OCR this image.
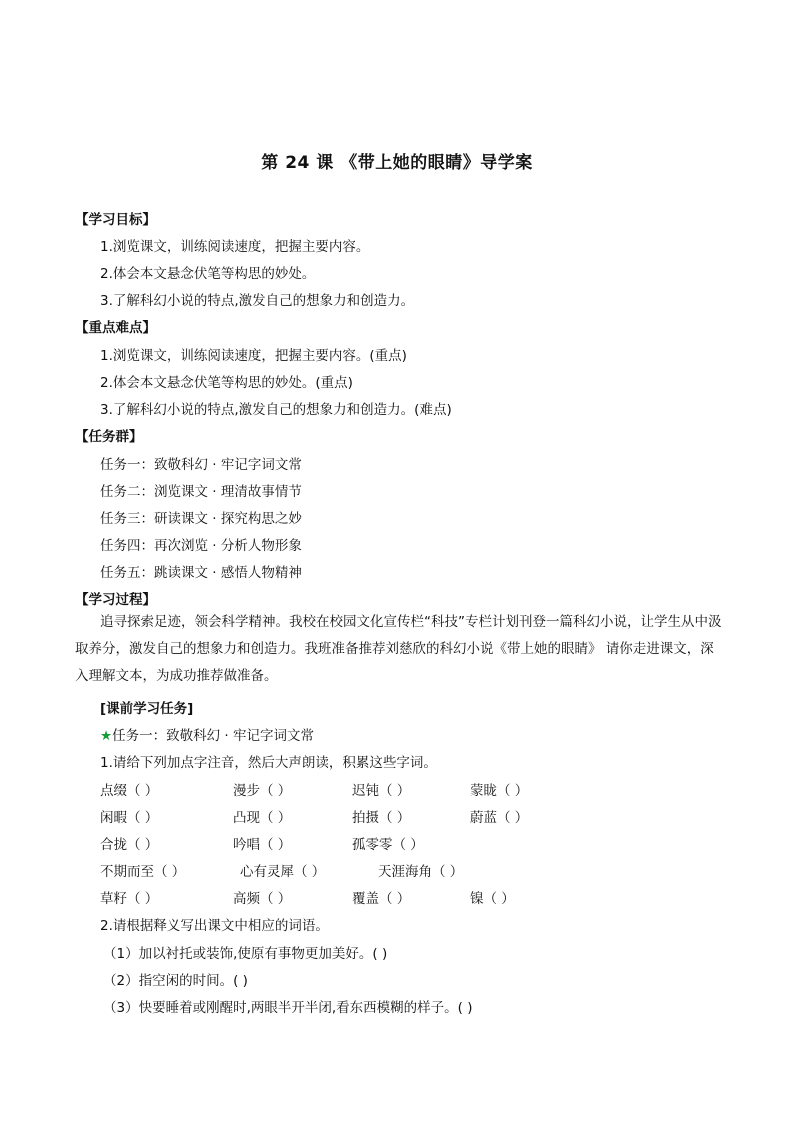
第 24 课 《带上她的眼睛》导学案
【学习目标】
1.浏览课文，训练阅读速度，把握主要内容。
2.体会本文悬念伏笔等构思的妙处。
3.了解科幻小说的特点,激发自己的想象力和创造力。
【重点难点】
1.浏览课文，训练阅读速度，把握主要内容。(重点)
2.体会本文悬念伏笔等构思的妙处。(重点)
3.了解科幻小说的特点,激发自己的想象力和创造力。(难点)
【任务群】
任务一：致敬科幻 · 牢记字词文常
任务二：浏览课文 · 理清故事情节
任务三：研读课文 · 探究构思之妙
任务四：再次浏览 · 分析人物形象
任务五：跳读课文 · 感悟人物精神
【学习过程】
追寻探索足迹，领会科学精神。我校在校园文化宣传栏“科技”专栏计划刊登一篇科幻小说，让学生从中汲取养分，激发自己的想象力和创造力。我班准备推荐刘慈欣的科幻小说《带上她的眼睛》 请你走进课文，深入理解文本，为成功推荐做准备。
[课前学习任务]
★任务一：致敬科幻 · 牢记字词文常
1.请给下列加点字注音，然后大声朗读，积累这些字词。
点缀（ ）	漫步（ ）	迟钝（ ）	蒙眬（ ）
闲暇（ ）	凸现（ ）	拍摄（ ）	蔚蓝（ ）
合拢（ ）	吟唱（ ）	孤零零（ ）
不期而至（ ）	心有灵犀（ ）	天涯海角（ ）
草籽（ ）	高频（ ）	覆盖（ ）	镍（ ）
2.请根据释义写出课文中相应的词语。
（1）加以衬托或装饰,使原有事物更加美好。( )
（2）指空闲的时间。( )
（3）快要睡着或刚醒时,两眼半开半闭,看东西模糊的样子。( )
